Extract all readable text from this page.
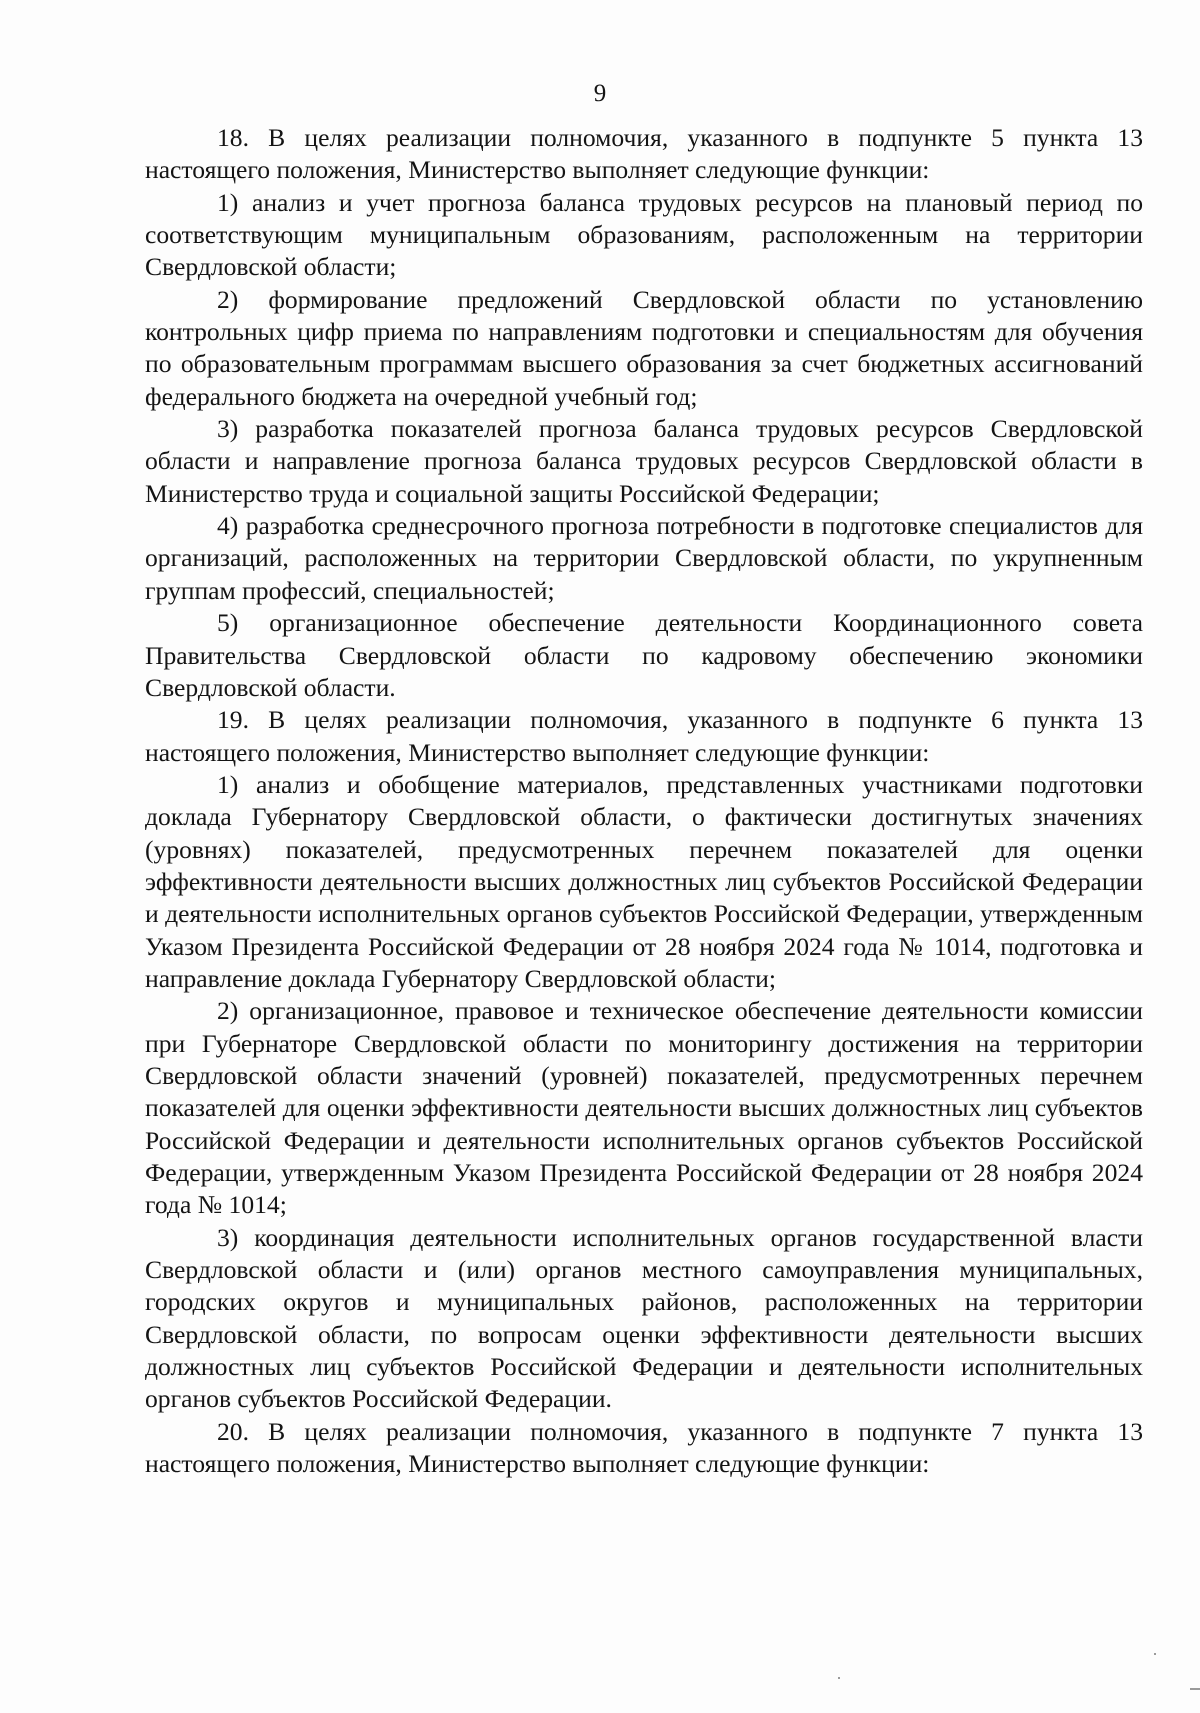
9

18. В целях реализации полномочия, указанного в подпункте 5 пункта 13 настоящего положения, Министерство выполняет следующие функции:

1) анализ и учет прогноза баланса трудовых ресурсов на плановый период по соответствующим муниципальным образованиям, расположенным на территории Свердловской области;

2) формирование предложений Свердловской области по установлению контрольных цифр приема по направлениям подготовки и специальностям для обучения по образовательным программам высшего образования за счет бюджетных ассигнований федерального бюджета на очередной учебный год;

3) разработка показателей прогноза баланса трудовых ресурсов Свердловской области и направление прогноза баланса трудовых ресурсов Свердловской области в Министерство труда и социальной защиты Российской Федерации;

4) разработка среднесрочного прогноза потребности в подготовке специалистов для организаций, расположенных на территории Свердловской области, по укрупненным группам профессий, специальностей;

5) организационное обеспечение деятельности Координационного совета Правительства Свердловской области по кадровому обеспечению экономики Свердловской области.

19. В целях реализации полномочия, указанного в подпункте 6 пункта 13 настоящего положения, Министерство выполняет следующие функции:

1) анализ и обобщение материалов, представленных участниками подготовки доклада Губернатору Свердловской области, о фактически достигнутых значениях (уровнях) показателей, предусмотренных перечнем показателей для оценки эффективности деятельности высших должностных лиц субъектов Российской Федерации и деятельности исполнительных органов субъектов Российской Федерации, утвержденным Указом Президента Российской Федерации от 28 ноября 2024 года № 1014, подготовка и направление доклада Губернатору Свердловской области;

2) организационное, правовое и техническое обеспечение деятельности комиссии при Губернаторе Свердловской области по мониторингу достижения на территории Свердловской области значений (уровней) показателей, предусмотренных перечнем показателей для оценки эффективности деятельности высших должностных лиц субъектов Российской Федерации и деятельности исполнительных органов субъектов Российской Федерации, утвержденным Указом Президента Российской Федерации от 28 ноября 2024 года № 1014;

3) координация деятельности исполнительных органов государственной власти Свердловской области и (или) органов местного самоуправления муниципальных, городских округов и муниципальных районов, расположенных на территории Свердловской области, по вопросам оценки эффективности деятельности высших должностных лиц субъектов Российской Федерации и деятельности исполнительных органов субъектов Российской Федерации.

20. В целях реализации полномочия, указанного в подпункте 7 пункта 13 настоящего положения, Министерство выполняет следующие функции:
